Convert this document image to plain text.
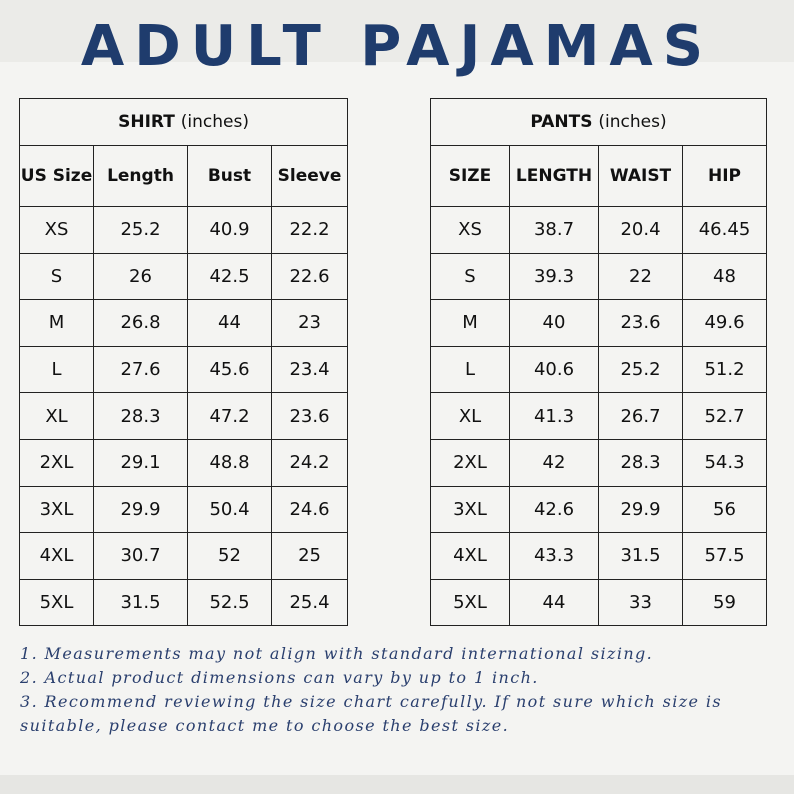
ADULT PAJAMAS
SHIRT (inches)			
US Size	Length	Bust	Sleeve
XS	25.2	40.9	22.2
S	26	42.5	22.6
M	26.8	44	23
L	27.6	45.6	23.4
XL	28.3	47.2	23.6
2XL	29.1	48.8	24.2
3XL	29.9	50.4	24.6
4XL	30.7	52	25
5XL	31.5	52.5	25.4
PANTS (inches)			
SIZE	LENGTH	WAIST	HIP
XS	38.7	20.4	46.45
S	39.3	22	48
M	40	23.6	49.6
L	40.6	25.2	51.2
XL	41.3	26.7	52.7
2XL	42	28.3	54.3
3XL	42.6	29.9	56
4XL	43.3	31.5	57.5
5XL	44	33	59

1. Measurements may not align with standard international sizing.

2. Actual product dimensions can vary by up to 1 inch.

3. Recommend reviewing the size chart carefully. If not sure which size is suitable, please contact me to choose the best size.
